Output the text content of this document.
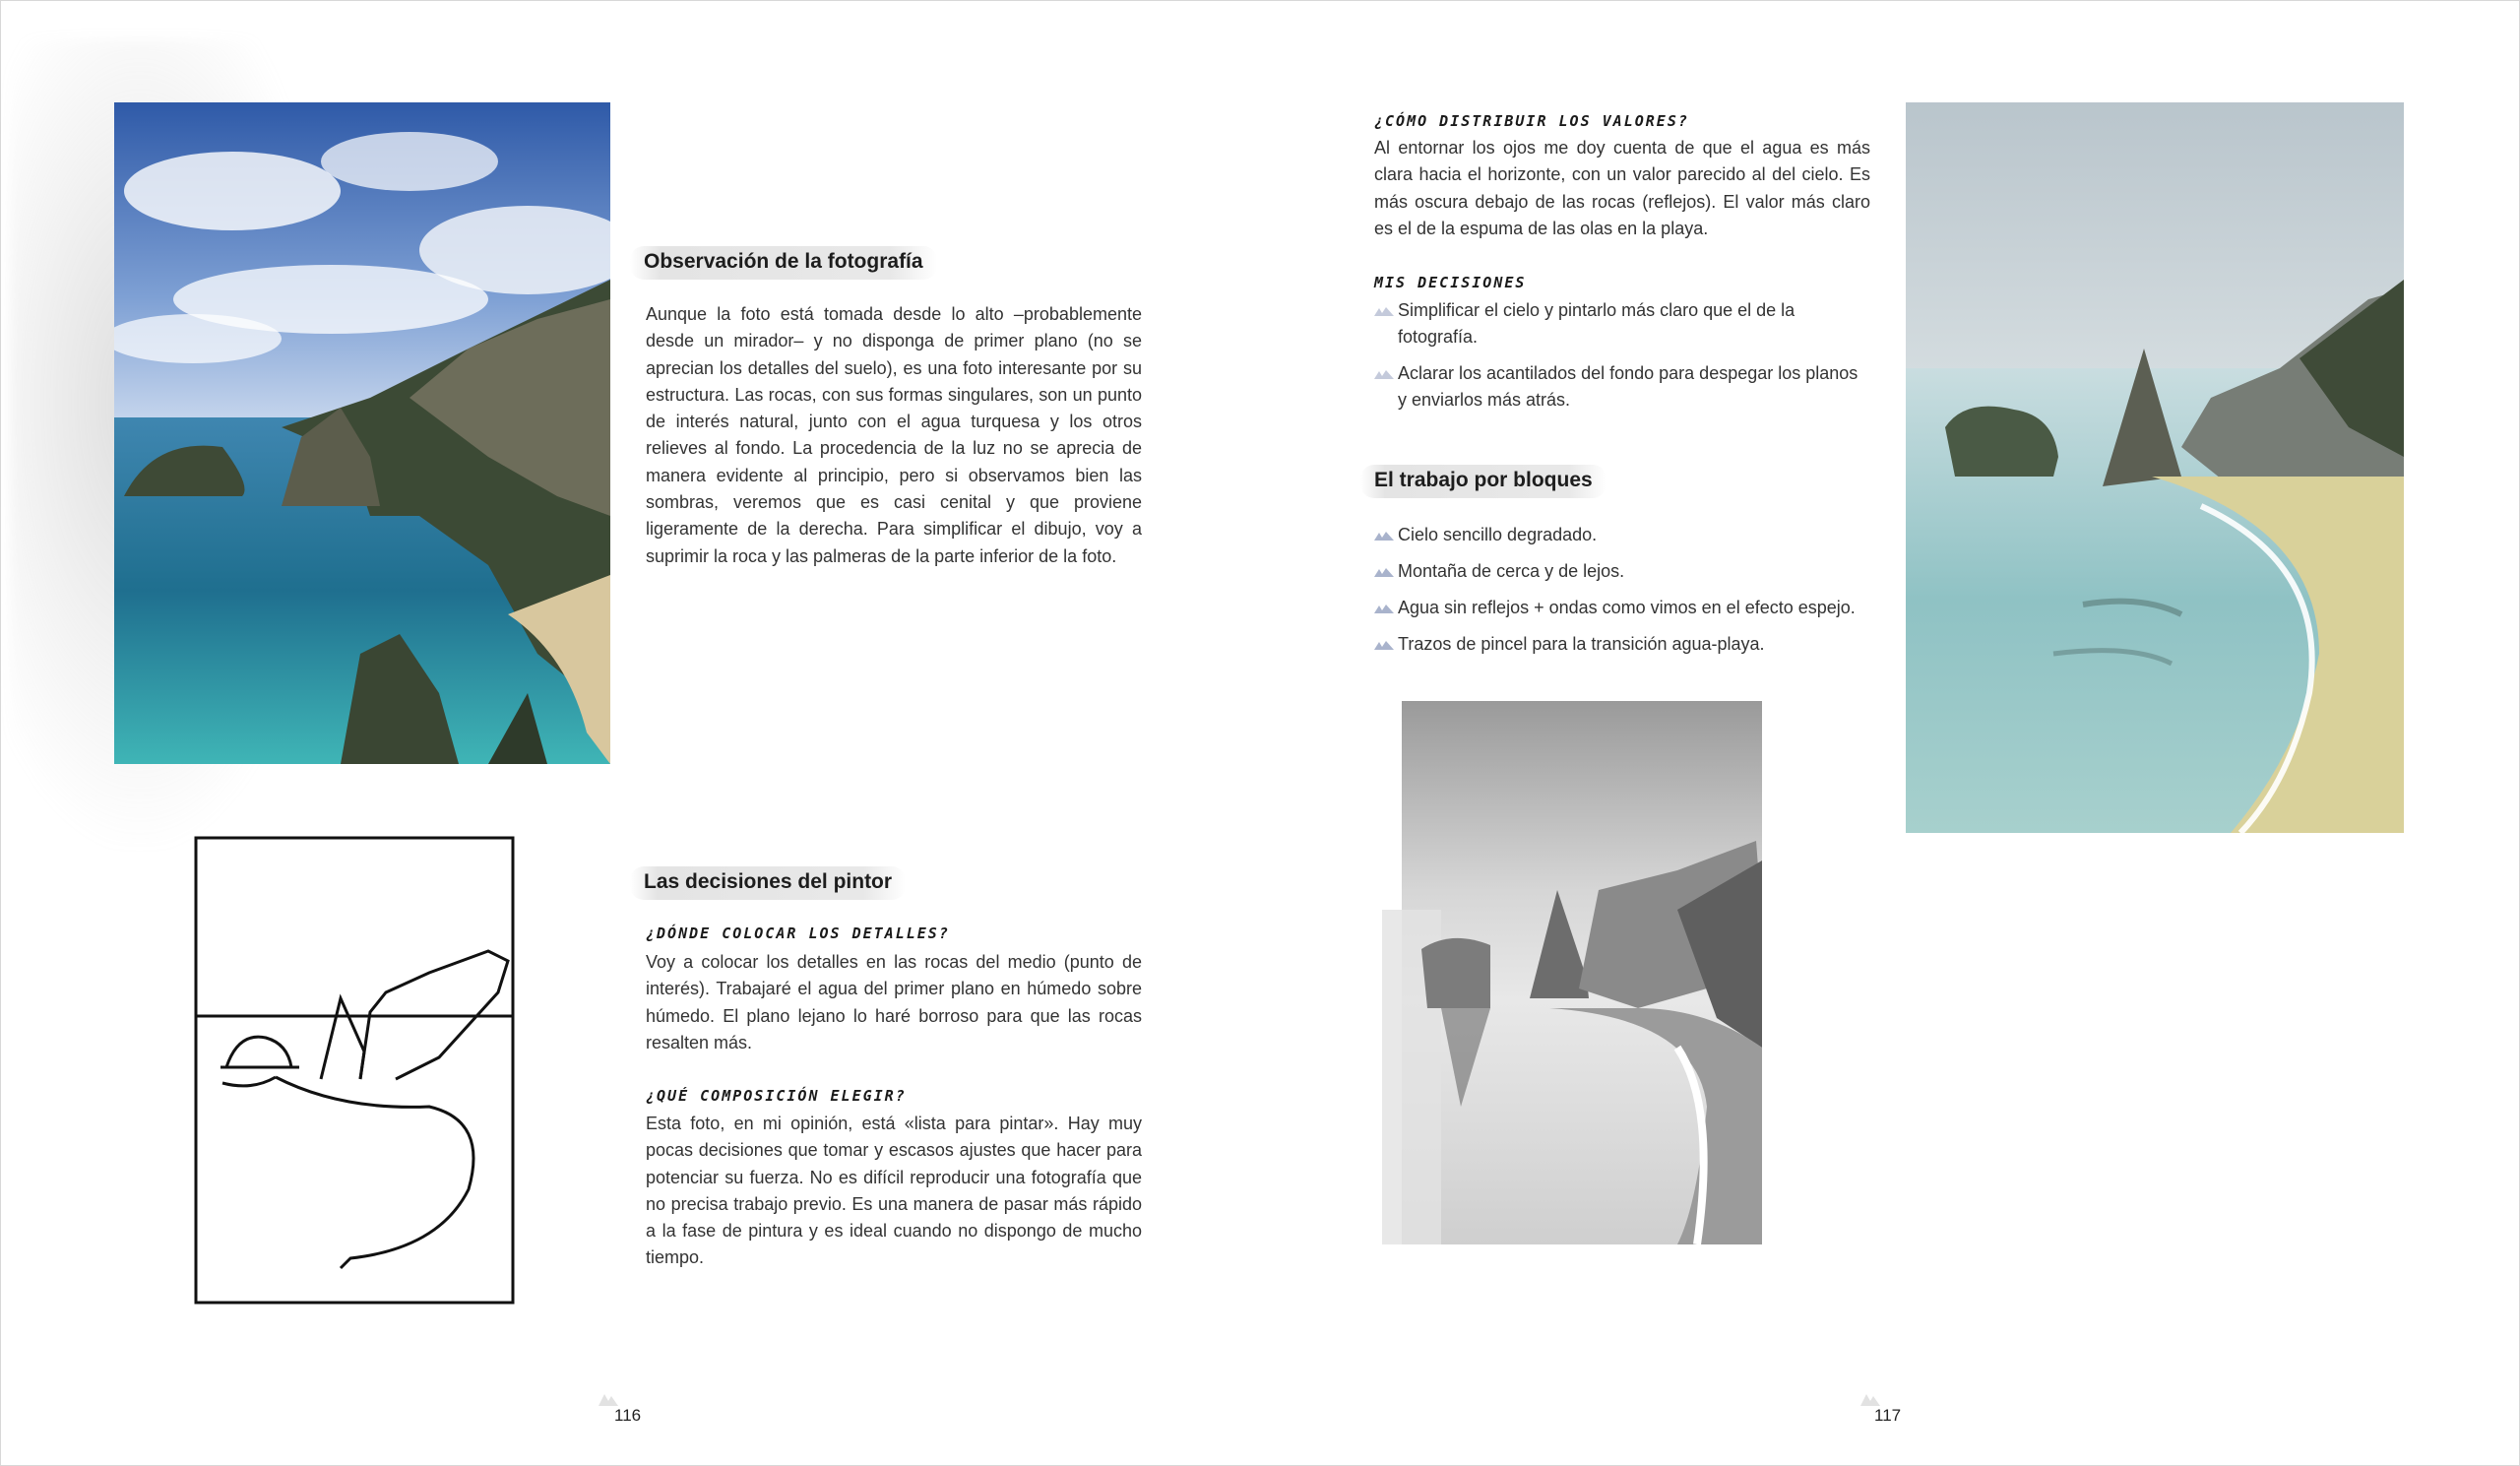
Observación de la fotografía
Aunque la foto está tomada desde lo alto –probablemente desde un mirador– y no disponga de primer plano (no se aprecian los detalles del suelo), es una foto interesante por su estructura. Las rocas, con sus formas singulares, son un punto de interés natural, junto con el agua turquesa y los otros relieves al fondo. La procedencia de la luz no se aprecia de manera evidente al principio, pero si observamos bien las sombras, veremos que es casi cenital y que proviene ligeramente de la derecha. Para simplificar el dibujo, voy a suprimir la roca y las palmeras de la parte inferior de la foto.
Las decisiones del pintor
¿DÓNDE COLOCAR LOS DETALLES?
Voy a colocar los detalles en las rocas del medio (punto de interés). Trabajaré el agua del primer plano en húmedo sobre húmedo. El plano lejano lo haré borroso para que las rocas resalten más.
¿QUÉ COMPOSICIÓN ELEGIR?
Esta foto, en mi opinión, está «lista para pintar». Hay muy pocas decisiones que tomar y escasos ajustes que hacer para potenciar su fuerza. No es difícil reproducir una fotografía que no precisa trabajo previo. Es una manera de pasar más rápido a la fase de pintura y es ideal cuando no dispongo de mucho tiempo.
116
¿CÓMO DISTRIBUIR LOS VALORES?
Al entornar los ojos me doy cuenta de que el agua es más clara hacia el horizonte, con un valor parecido al del cielo. Es más oscura debajo de las rocas (reflejos). El valor más claro es el de la espuma de las olas en la playa.
MIS DECISIONES
Simplificar el cielo y pintarlo más claro que el de la fotografía.
Aclarar los acantilados del fondo para despegar los planos y enviarlos más atrás.
El trabajo por bloques
Cielo sencillo degradado.
Montaña de cerca y de lejos.
Agua sin reflejos + ondas como vimos en el efecto espejo.
Trazos de pincel para la transición agua-playa.
117
